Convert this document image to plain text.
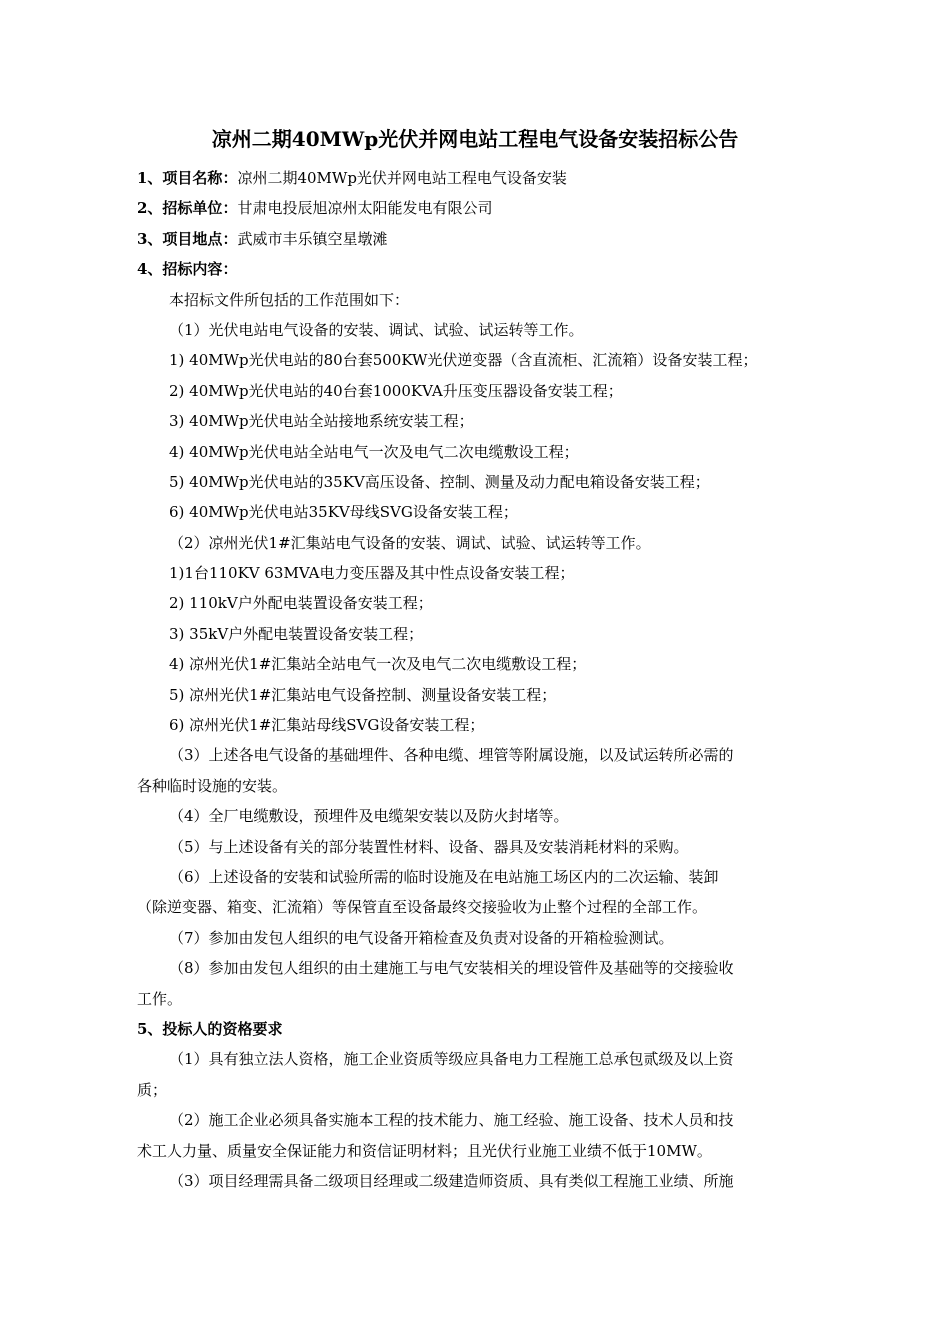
凉州二期40MWp光伏并网电站工程电气设备安装招标公告
1、项目名称：凉州二期40MWp光伏并网电站工程电气设备安装
2、招标单位：甘肃电投辰旭凉州太阳能发电有限公司
3、项目地点：武威市丰乐镇空星墩滩
4、招标内容：
本招标文件所包括的工作范围如下：
（1）光伏电站电气设备的安装、调试、试验、试运转等工作。
1) 40MWp光伏电站的80台套500KW光伏逆变器（含直流柜、汇流箱）设备安装工程；
2) 40MWp光伏电站的40台套1000KVA升压变压器设备安装工程；
3) 40MWp光伏电站全站接地系统安装工程；
4) 40MWp光伏电站全站电气一次及电气二次电缆敷设工程；
5) 40MWp光伏电站的35KV高压设备、控制、测量及动力配电箱设备安装工程；
6) 40MWp光伏电站35KV母线SVG设备安装工程；
（2）凉州光伏1#汇集站电气设备的安装、调试、试验、试运转等工作。
1)1台110KV 63MVA电力变压器及其中性点设备安装工程；
2) 110kV户外配电装置设备安装工程；
3) 35kV户外配电装置设备安装工程；
4) 凉州光伏1#汇集站全站电气一次及电气二次电缆敷设工程；
5) 凉州光伏1#汇集站电气设备控制、测量设备安装工程；
6) 凉州光伏1#汇集站母线SVG设备安装工程；
（3）上述各电气设备的基础埋件、各种电缆、埋管等附属设施，以及试运转所必需的
各种临时设施的安装。
（4）全厂电缆敷设，预埋件及电缆架安装以及防火封堵等。
（5）与上述设备有关的部分装置性材料、设备、器具及安装消耗材料的采购。
（6）上述设备的安装和试验所需的临时设施及在电站施工场区内的二次运输、装卸
（除逆变器、箱变、汇流箱）等保管直至设备最终交接验收为止整个过程的全部工作。
（7）参加由发包人组织的电气设备开箱检查及负责对设备的开箱检验测试。
（8）参加由发包人组织的由土建施工与电气安装相关的埋设管件及基础等的交接验收
工作。
5、投标人的资格要求
（1）具有独立法人资格，施工企业资质等级应具备电力工程施工总承包贰级及以上资
质；
（2）施工企业必须具备实施本工程的技术能力、施工经验、施工设备、技术人员和技
术工人力量、质量安全保证能力和资信证明材料；且光伏行业施工业绩不低于10MW。
（3）项目经理需具备二级项目经理或二级建造师资质、具有类似工程施工业绩、所施
